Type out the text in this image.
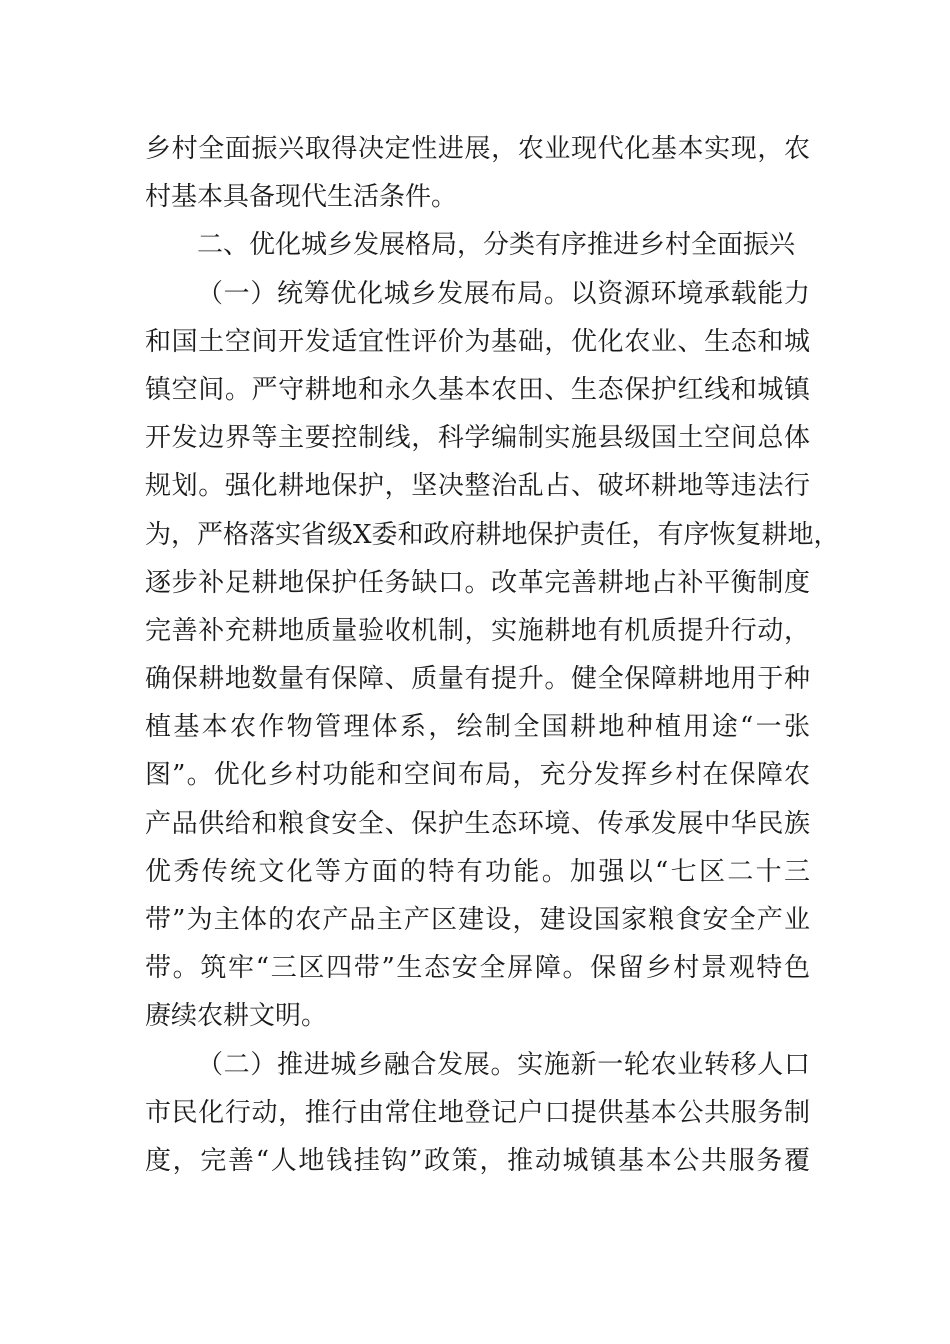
乡村全面振兴取得决定性进展，农业现代化基本实现，农
村基本具备现代生活条件。
二、优化城乡发展格局，分类有序推进乡村全面振兴
（一）统筹优化城乡发展布局。以资源环境承载能力
和国土空间开发适宜性评价为基础，优化农业、生态和城
镇空间。严守耕地和永久基本农田、生态保护红线和城镇
开发边界等主要控制线，科学编制实施县级国土空间总体
规划。强化耕地保护，坚决整治乱占、破坏耕地等违法行
为，严格落实省级X委和政府耕地保护责任，有序恢复耕地，
逐步补足耕地保护任务缺口。改革完善耕地占补平衡制度
完善补充耕地质量验收机制，实施耕地有机质提升行动，
确保耕地数量有保障、质量有提升。健全保障耕地用于种
植基本农作物管理体系，绘制全国耕地种植用途“一张
图”。优化乡村功能和空间布局，充分发挥乡村在保障农
产品供给和粮食安全、保护生态环境、传承发展中华民族
优秀传统文化等方面的特有功能。加强以“七区二十三
带”为主体的农产品主产区建设，建设国家粮食安全产业
带。筑牢“三区四带”生态安全屏障。保留乡村景观特色
赓续农耕文明。
（二）推进城乡融合发展。实施新一轮农业转移人口
市民化行动，推行由常住地登记户口提供基本公共服务制
度，完善“人地钱挂钩”政策，推动城镇基本公共服务覆
